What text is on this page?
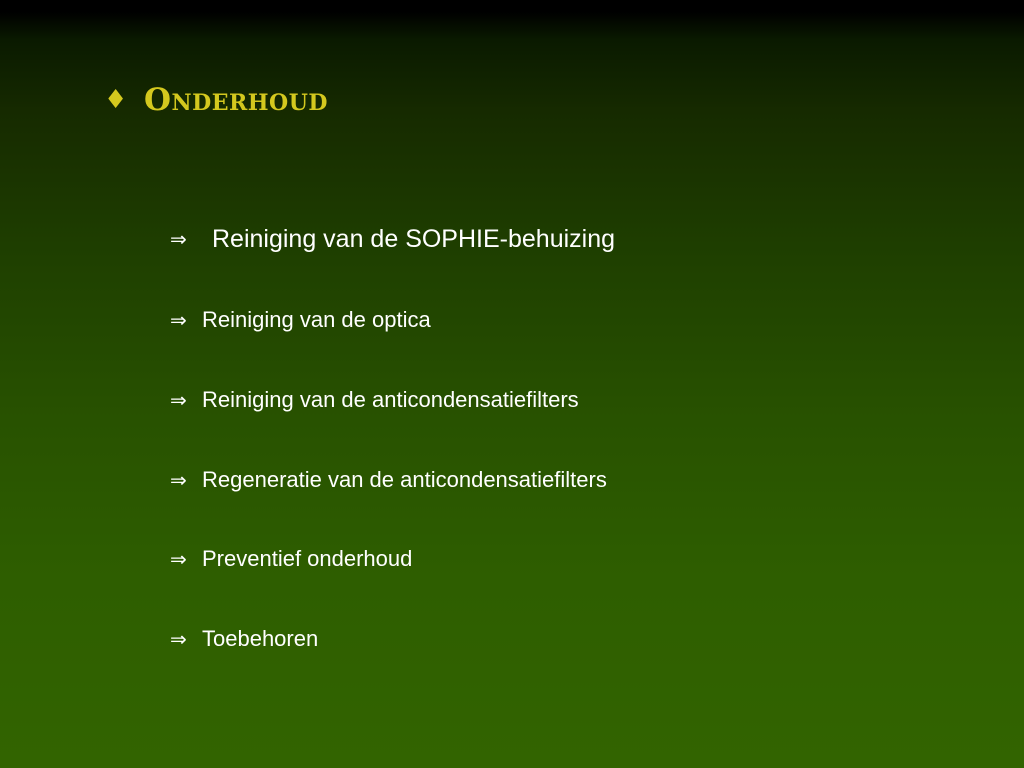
♦ Onderhoud
⇒	Reiniging van de SOPHIE-behuizing
⇒ Reiniging van de optica
⇒ Reiniging van de anticondensatiefilters
⇒ Regeneratie van de anticondensatiefilters
⇒ Preventief onderhoud
⇒ Toebehoren
